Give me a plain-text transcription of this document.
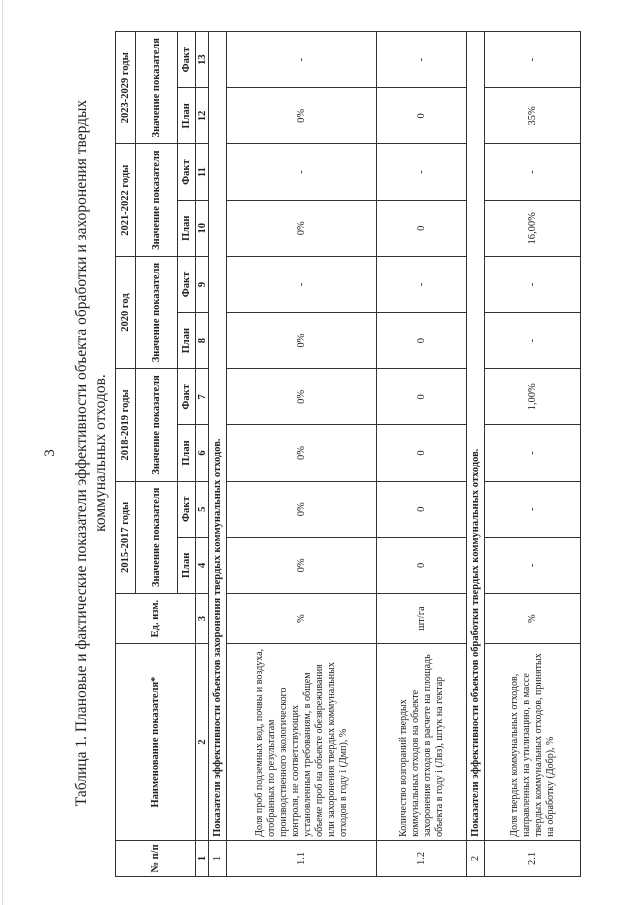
3 Таблица 1. Плановые и фактические показатели эффективности объекта обработки и захоронения твердых коммунальных отходов.
№ п/п	Наименование показателя*	Ед. изм.	2015-2017 годы		2018-2019 годы		2020 год		2021-2022 годы		2023-2029 годы	
			Значение показателя		Значение показателя		Значение показателя		Значение показателя		Значение показателя	
			План	Факт	План	Факт	План	Факт	План	Факт	План	Факт
1	2	3	4	5	6	7	8	9	10	11	12	13
1	Показатели эффективности объектов захоронения твердых коммунальных отходов.											
1.1	Доля проб подземных вод, почвы и воздуха, отобранных по результатам производственного экологического контроля, не соответствующих установленным требованиям, в общем объеме проб на объекте обезвреживания или захоронения твердых коммунальных отходов в году i (Дмп), %	%	0%	0%	0%	0%	0%	-	0%	-	0%	-
1.2	Количество возгораний твердых коммунальных отходов на объекте захоронения отходов в расчете на площадь объекта в году i (Лвз), штук на гектар	шт/га	0	0	0	0	0	-	0	-	0	-
2	Показатели эффективности объектов обработки твердых коммунальных отходов.											
2.1	Доля твердых коммунальных отходов, направленных на утилизацию, в массе твердых коммунальных отходов, принятых на обработку (Добр), %	%	-	-	-	1,00%	-	-	16,00%	-	35%	-
